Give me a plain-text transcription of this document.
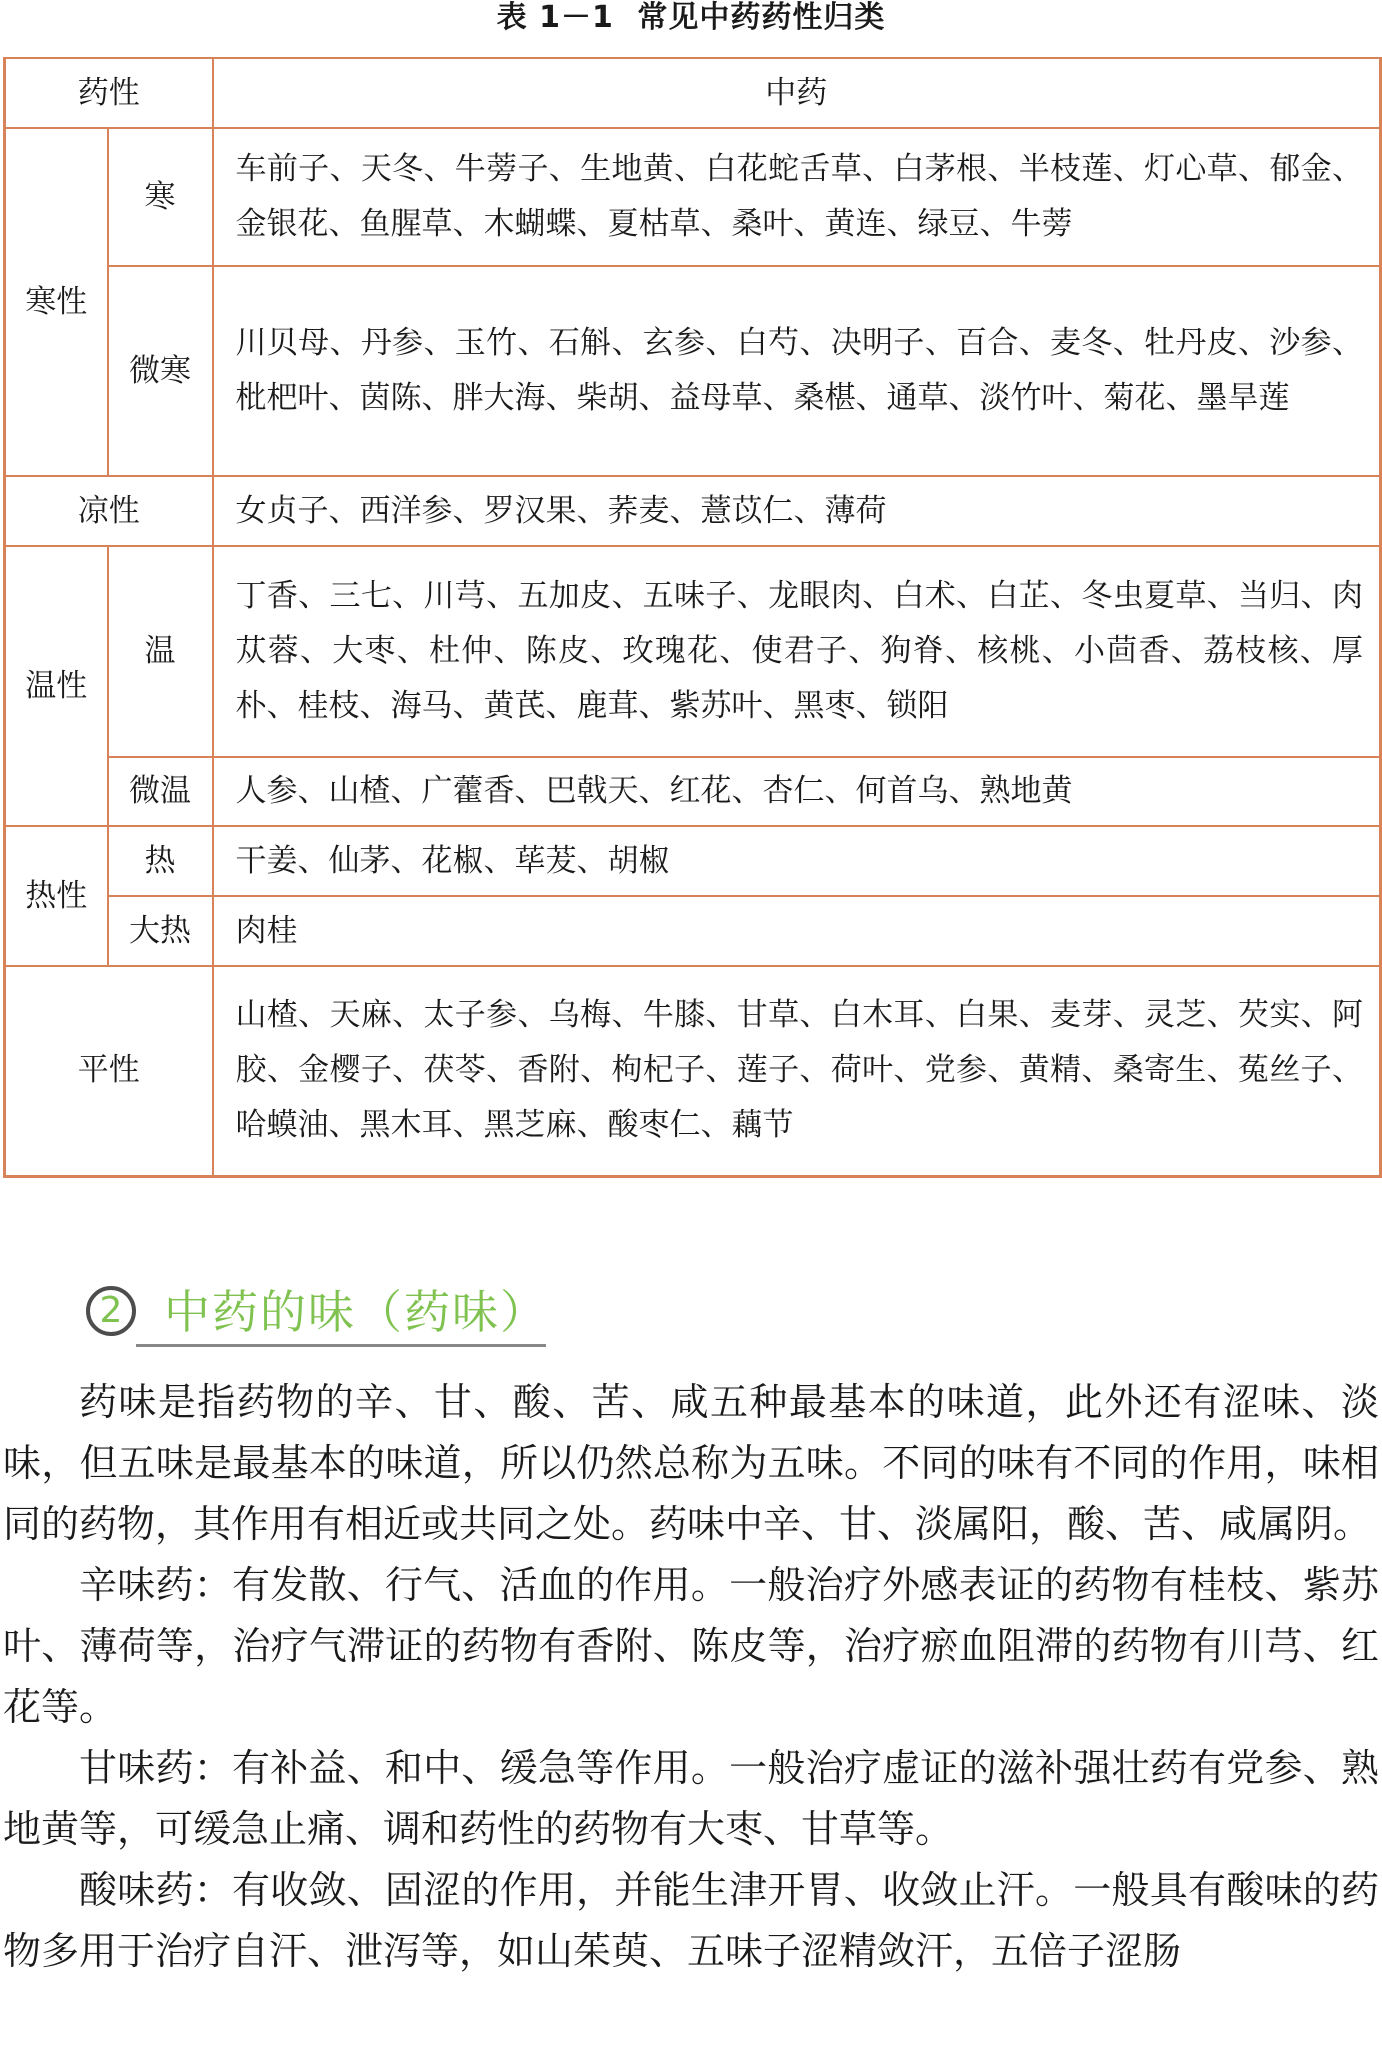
表 1－1 常见中药药性归类
药性		中药
寒性	寒	车前子、天冬、牛蒡子、生地黄、白花蛇舌草、白茅根、半枝莲、灯心草、郁金、金银花、鱼腥草、木蝴蝶、夏枯草、桑叶、黄连、绿豆、牛蒡
	微寒	川贝母、丹参、玉竹、石斛、玄参、白芍、决明子、百合、麦冬、牡丹皮、沙参、枇杷叶、茵陈、胖大海、柴胡、益母草、桑椹、通草、淡竹叶、菊花、墨旱莲
凉性		女贞子、西洋参、罗汉果、荞麦、薏苡仁、薄荷
温性	温	丁香、三七、川芎、五加皮、五味子、龙眼肉、白术、白芷、冬虫夏草、当归、肉苁蓉、大枣、杜仲、陈皮、玫瑰花、使君子、狗脊、核桃、小茴香、荔枝核、厚朴、桂枝、海马、黄芪、鹿茸、紫苏叶、黑枣、锁阳
	微温	人参、山楂、广藿香、巴戟天、红花、杏仁、何首乌、熟地黄
热性	热	干姜、仙茅、花椒、荜茇、胡椒
	大热	肉桂
平性		山楂、天麻、太子参、乌梅、牛膝、甘草、白木耳、白果、麦芽、灵芝、芡实、阿胶、金樱子、茯苓、香附、枸杞子、莲子、荷叶、党参、黄精、桑寄生、菟丝子、哈蟆油、黑木耳、黑芝麻、酸枣仁、藕节
2 中药的味（药味）

药味是指药物的辛、甘、酸、苦、咸五种最基本的味道，此外还有涩味、淡味，但五味是最基本的味道，所以仍然总称为五味。不同的味有不同的作用，味相同的药物，其作用有相近或共同之处。药味中辛、甘、淡属阳，酸、苦、咸属阴。

辛味药：有发散、行气、活血的作用。一般治疗外感表证的药物有桂枝、紫苏叶、薄荷等，治疗气滞证的药物有香附、陈皮等，治疗瘀血阻滞的药物有川芎、红花等。

甘味药：有补益、和中、缓急等作用。一般治疗虚证的滋补强壮药有党参、熟地黄等，可缓急止痛、调和药性的药物有大枣、甘草等。

酸味药：有收敛、固涩的作用，并能生津开胃、收敛止汗。一般具有酸味的药物多用于治疗自汗、泄泻等，如山茱萸、五味子涩精敛汗，五倍子涩肠
